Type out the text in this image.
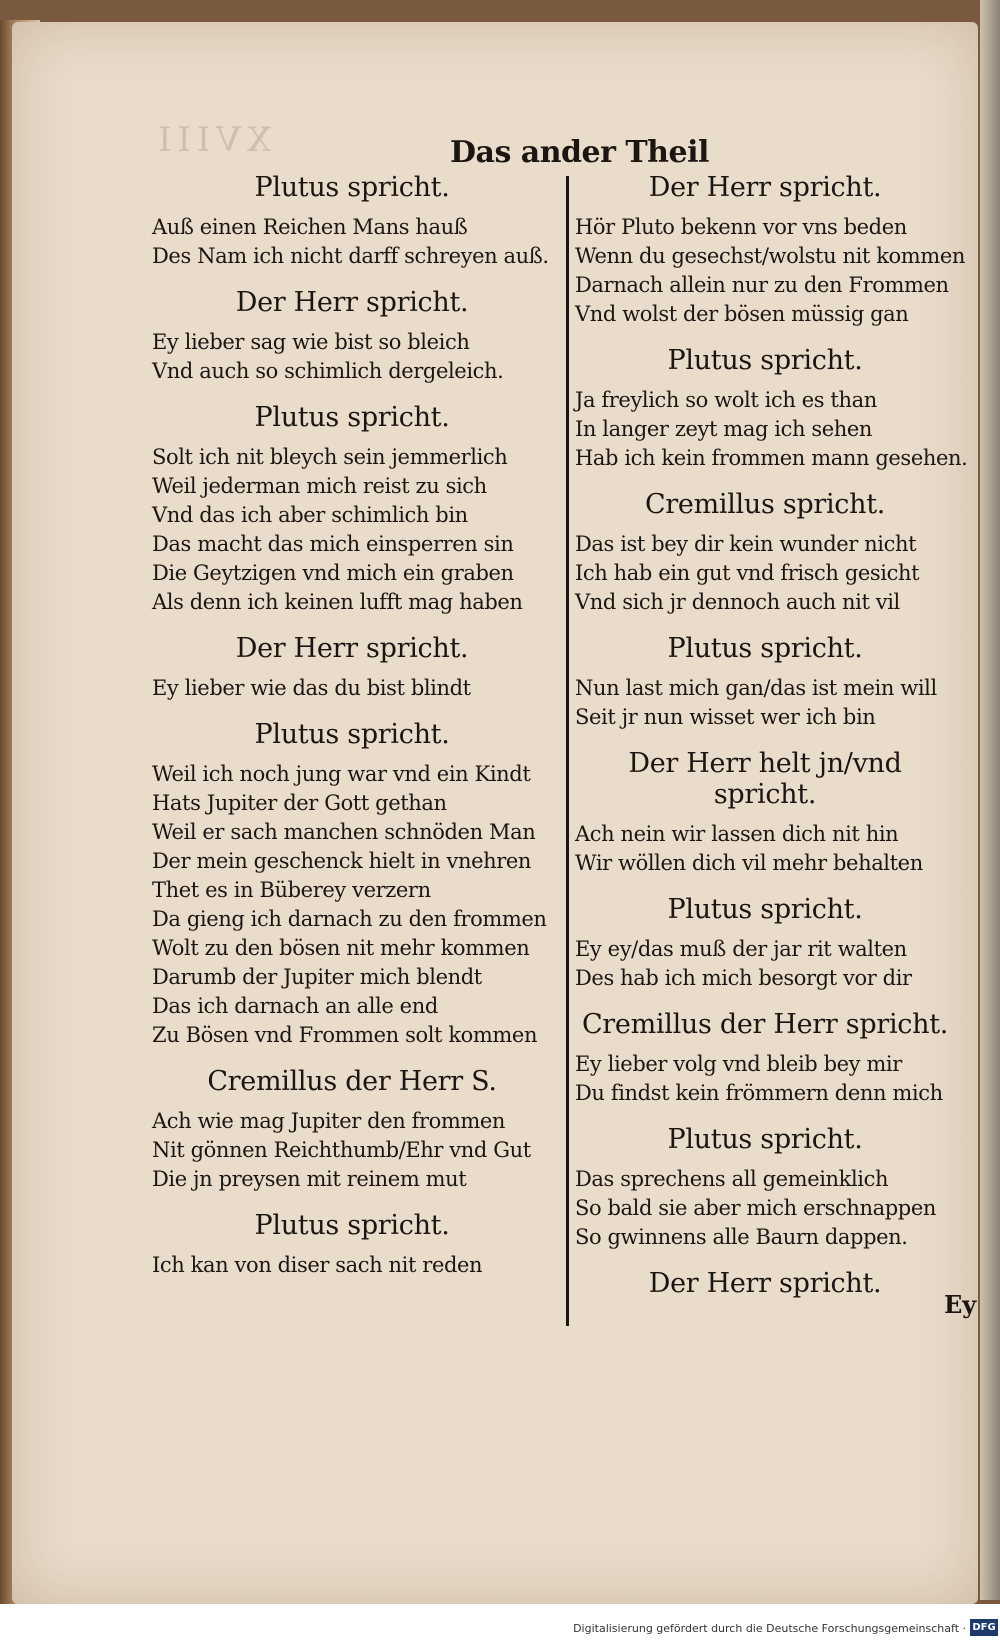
XVIII	Das ander Theil
Plutus spricht.
Auß einen Reichen Mans hauß
Des Nam ich nicht darff schreyen auß.
Der Herr spricht.
Ey lieber sag wie bist so bleich
Vnd auch so schimlich dergeleich.
Plutus spricht.
Solt ich nit bleych sein jemmerlich
Weil jederman mich reist zu sich
Vnd das ich aber schimlich bin
Das macht das mich einsperren sin
Die Geytzigen vnd mich ein graben
Als denn ich keinen lufft mag haben
Der Herr spricht.
Ey lieber wie das du bist blindt
Plutus spricht.
Weil ich noch jung war vnd ein Kindt
Hats Jupiter der Gott gethan
Weil er sach manchen schnöden Man
Der mein geschenck hielt in vnehren
Thet es in Büberey verzern
Da gieng ich darnach zu den frommen
Wolt zu den bösen nit mehr kommen
Darumb der Jupiter mich blendt
Das ich darnach an alle end
Zu Bösen vnd Frommen solt kommen
Cremillus der Herr S.
Ach wie mag Jupiter den frommen
Nit gönnen Reichthumb/Ehr vnd Gut
Die jn preysen mit reinem mut
Plutus spricht.
Ich kan von diser sach nit reden
Der Herr spricht.
Hör Pluto bekenn vor vns beden
Wenn du gesechst/wolstu nit kommen
Darnach allein nur zu den Frommen
Vnd wolst der bösen müssig gan
Plutus spricht.
Ja freylich so wolt ich es than
In langer zeyt mag ich sehen
Hab ich kein frommen mann gesehen.
Cremillus spricht.
Das ist bey dir kein wunder nicht
Ich hab ein gut vnd frisch gesicht
Vnd sich jr dennoch auch nit vil
Plutus spricht.
Nun last mich gan/das ist mein will
Seit jr nun wisset wer ich bin
Der Herr helt jn/vnd spricht.
Ach nein wir lassen dich nit hin
Wir wöllen dich vil mehr behalten
Plutus spricht.
Ey ey/das muß der jar rit walten
Des hab ich mich besorgt vor dir
Cremillus der Herr spricht.
Ey lieber volg vnd bleib bey mir
Du findst kein frömmern denn mich
Plutus spricht.
Das sprechens all gemeinklich
So bald sie aber mich erschnappen
So gwinnens alle Baurn dappen.
Der Herr spricht.
Ey
Digitalisierung gefördert durch die Deutsche Forschungsgemeinschaft · DFG
